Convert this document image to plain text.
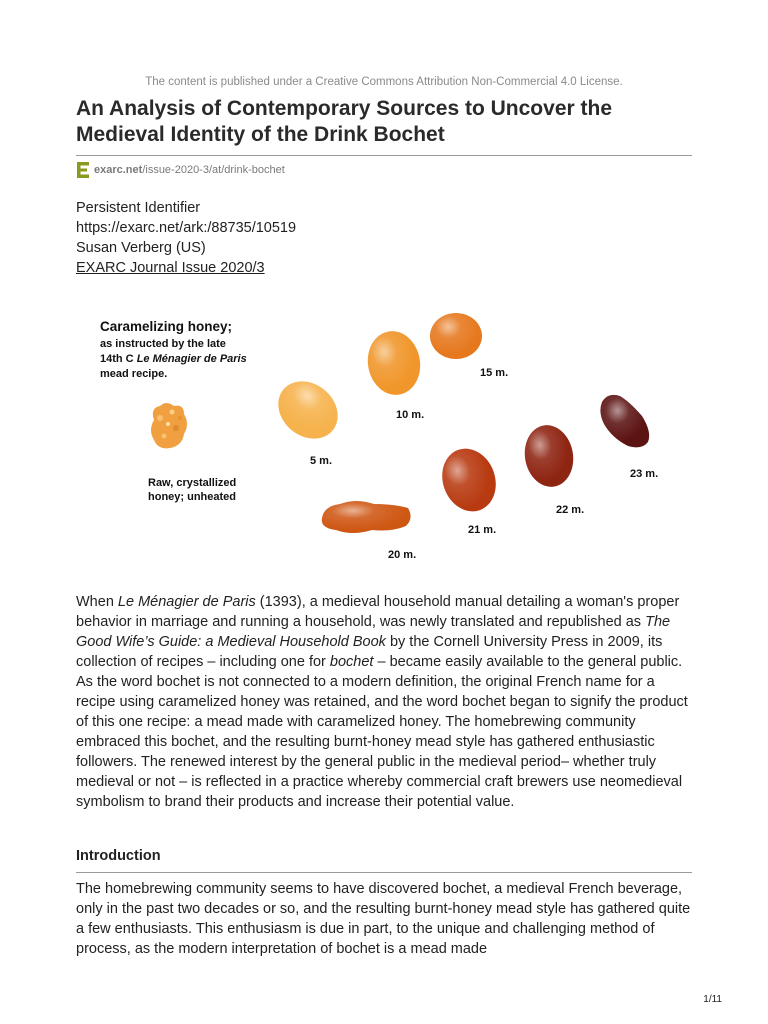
The content is published under a Creative Commons Attribution Non-Commercial 4.0 License.
An Analysis of Contemporary Sources to Uncover the
Medieval Identity of the Drink Bochet
exarc.net /issue-2020-3/at/drink-bochet
Persistent Identifier
https://exarc.net/ark:/88735/10519
Susan Verberg (US)
EXARC Journal Issue 2020/3
Caramelizing honey;
as instructed by the late
14th C Le Ménagier de Paris
mead recipe.
Raw, crystallized
honey; unheated
5 m.
10 m.
15 m.
20 m.
21 m.
22 m.
23 m.

When Le Ménagier de Paris (1393), a medieval household manual detailing a woman's proper behavior in marriage and running a household, was newly translated and republished as The Good Wife’s Guide: a Medieval Household Book by the Cornell University Press in 2009, its collection of recipes – including one for bochet – became easily available to the general public. As the word bochet is not connected to a modern definition, the original French name for a recipe using caramelized honey was retained, and the word bochet began to signify the product of this one recipe: a mead made with caramelized honey. The homebrewing community embraced this bochet, and the resulting burnt-honey mead style has gathered enthusiastic followers. The renewed interest by the general public in the medieval period– whether truly medieval or not – is reflected in a practice whereby commercial craft brewers use neomedieval symbolism to brand their products and increase their potential value.

Introduction

The homebrewing community seems to have discovered bochet, a medieval French beverage, only in the past two decades or so, and the resulting burnt-honey mead style has gathered quite a few enthusiasts. This enthusiasm is due in part, to the unique and challenging method of process, as the modern interpretation of bochet is a mead made

1/11
